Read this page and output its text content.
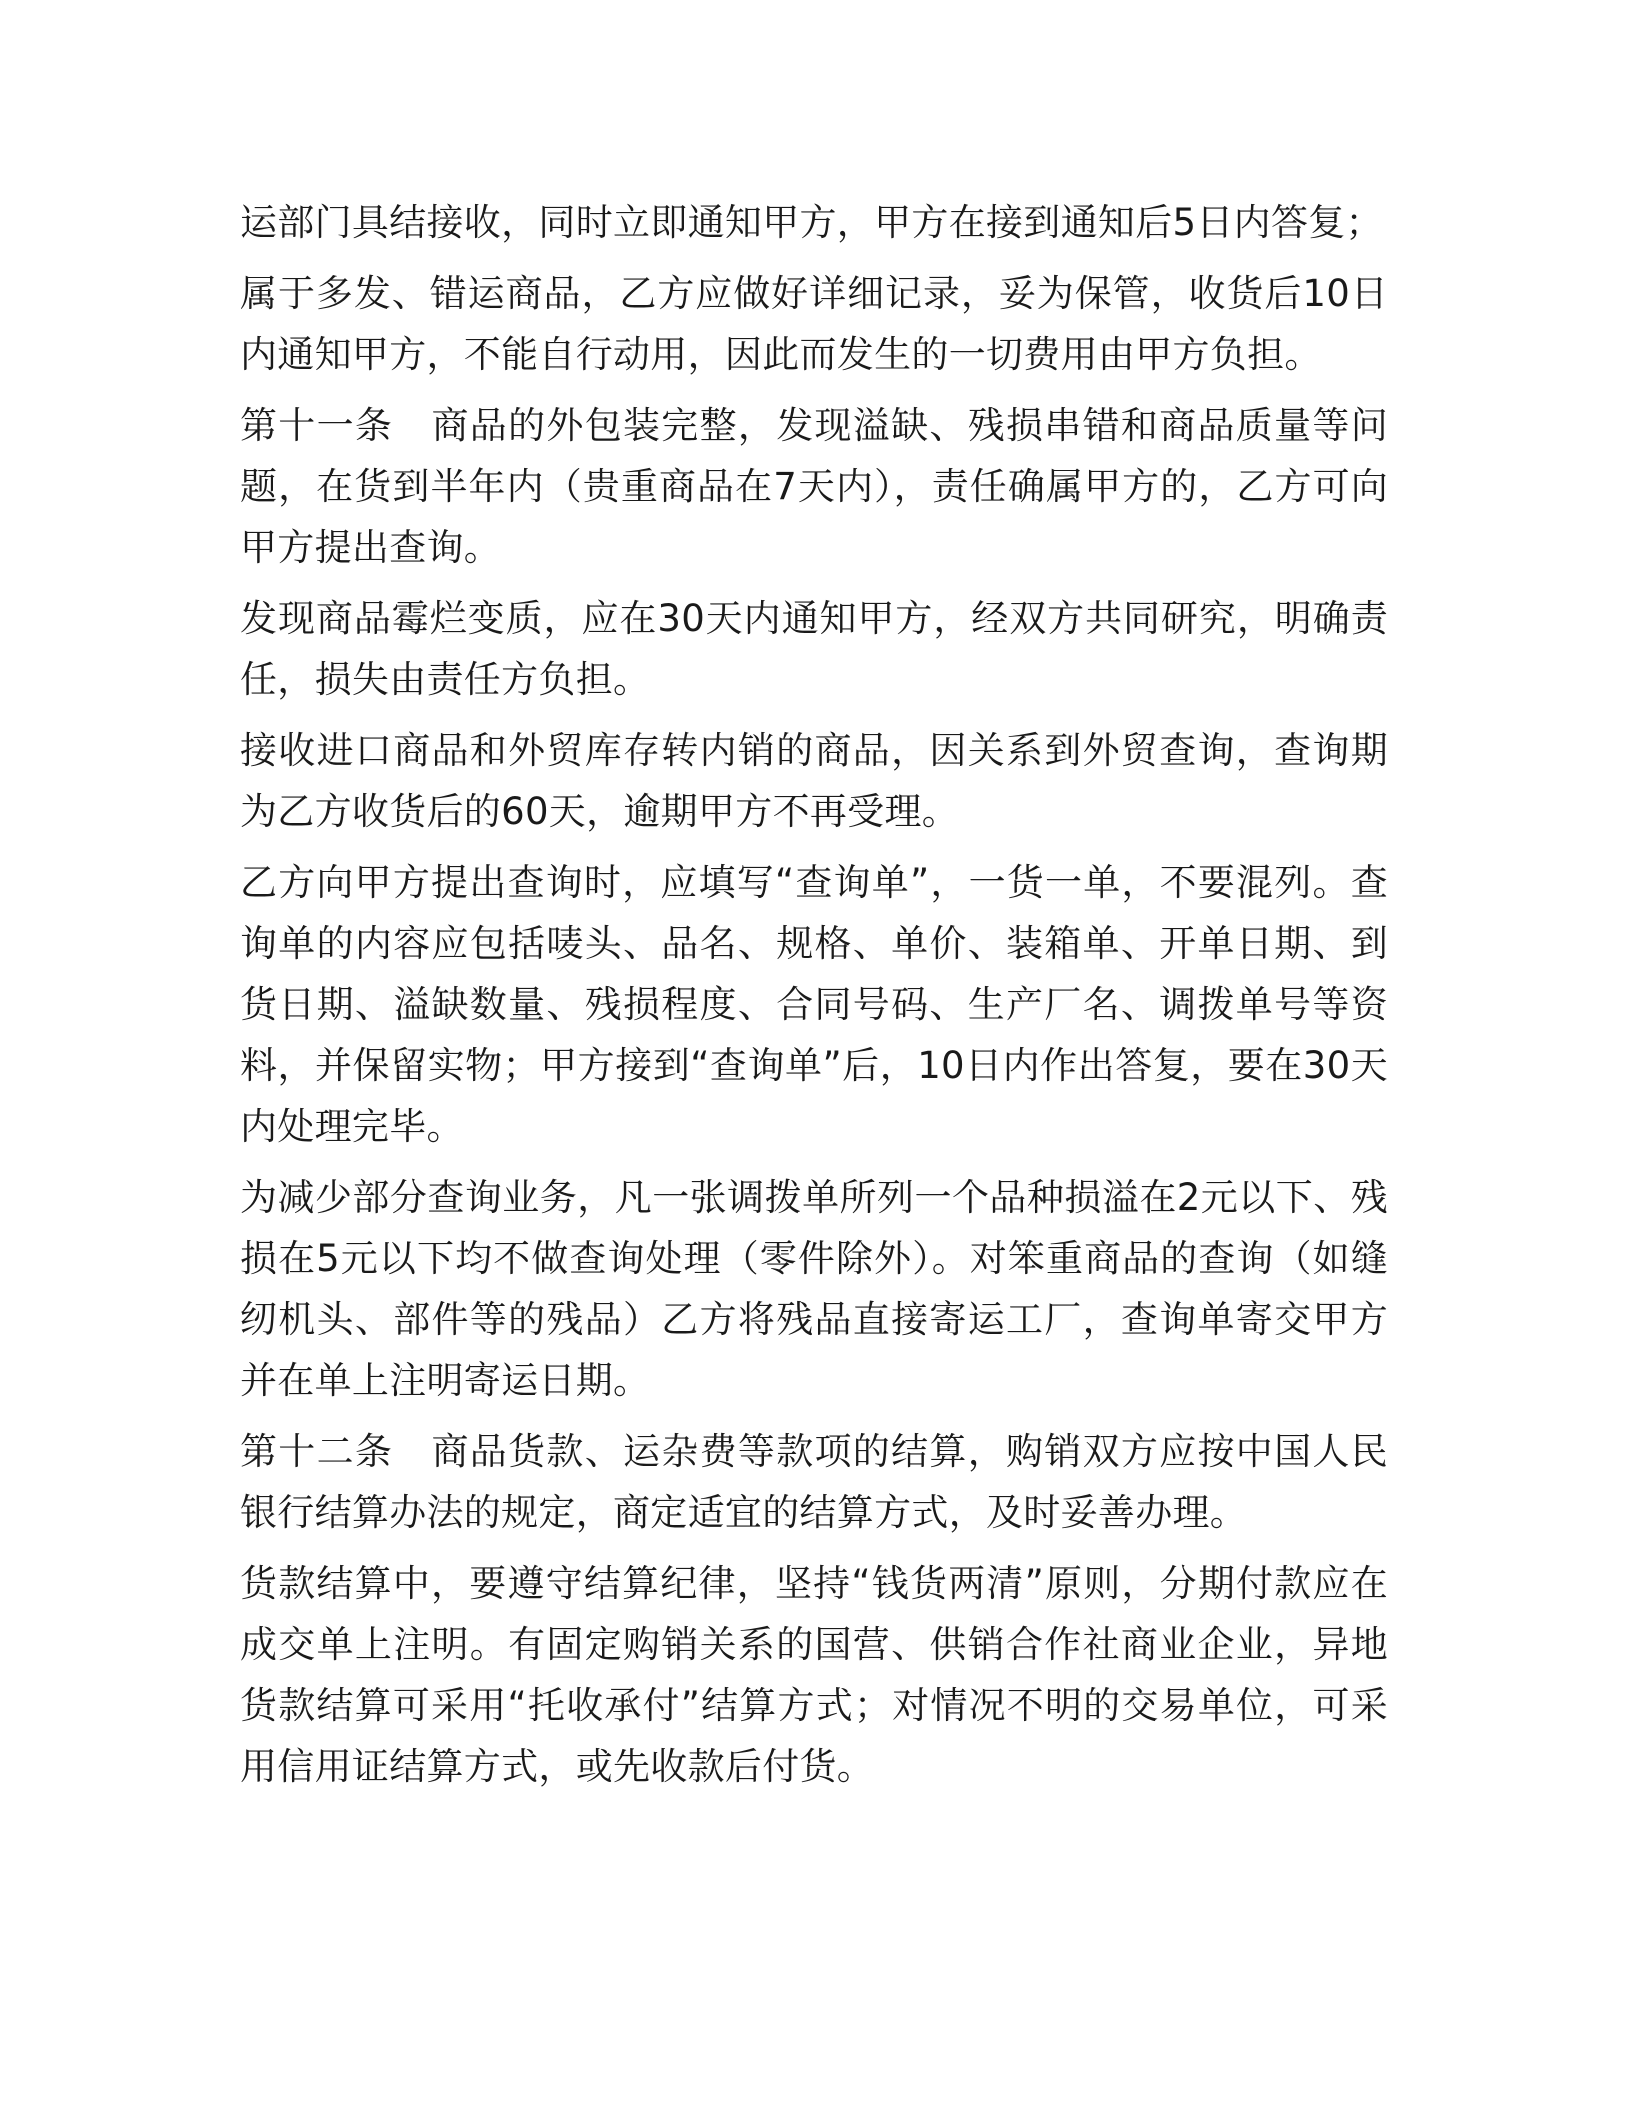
运部门具结接收，同时立即通知甲方，甲方在接到通知后5日内答复；

属于多发、错运商品，乙方应做好详细记录，妥为保管，收货后10日内通知甲方，不能自行动用，因此而发生的一切费用由甲方负担。

第十一条　商品的外包装完整，发现溢缺、残损串错和商品质量等问题，在货到半年内（贵重商品在7天内），责任确属甲方的，乙方可向甲方提出查询。

发现商品霉烂变质，应在30天内通知甲方，经双方共同研究，明确责任，损失由责任方负担。

接收进口商品和外贸库存转内销的商品，因关系到外贸查询，查询期为乙方收货后的60天，逾期甲方不再受理。

乙方向甲方提出查询时，应填写“查询单”，一货一单，不要混列。查询单的内容应包括唛头、品名、规格、单价、装箱单、开单日期、到货日期、溢缺数量、残损程度、合同号码、生产厂名、调拨单号等资料，并保留实物；甲方接到“查询单”后，10日内作出答复，要在30天内处理完毕。

为减少部分查询业务，凡一张调拨单所列一个品种损溢在2元以下、残损在5元以下均不做查询处理（零件除外）。对笨重商品的查询（如缝纫机头、部件等的残品）乙方将残品直接寄运工厂，查询单寄交甲方并在单上注明寄运日期。

第十二条　商品货款、运杂费等款项的结算，购销双方应按中国人民银行结算办法的规定，商定适宜的结算方式，及时妥善办理。

货款结算中，要遵守结算纪律，坚持“钱货两清”原则，分期付款应在成交单上注明。有固定购销关系的国营、供销合作社商业企业，异地货款结算可采用“托收承付”结算方式；对情况不明的交易单位，可采用信用证结算方式，或先收款后付货。
